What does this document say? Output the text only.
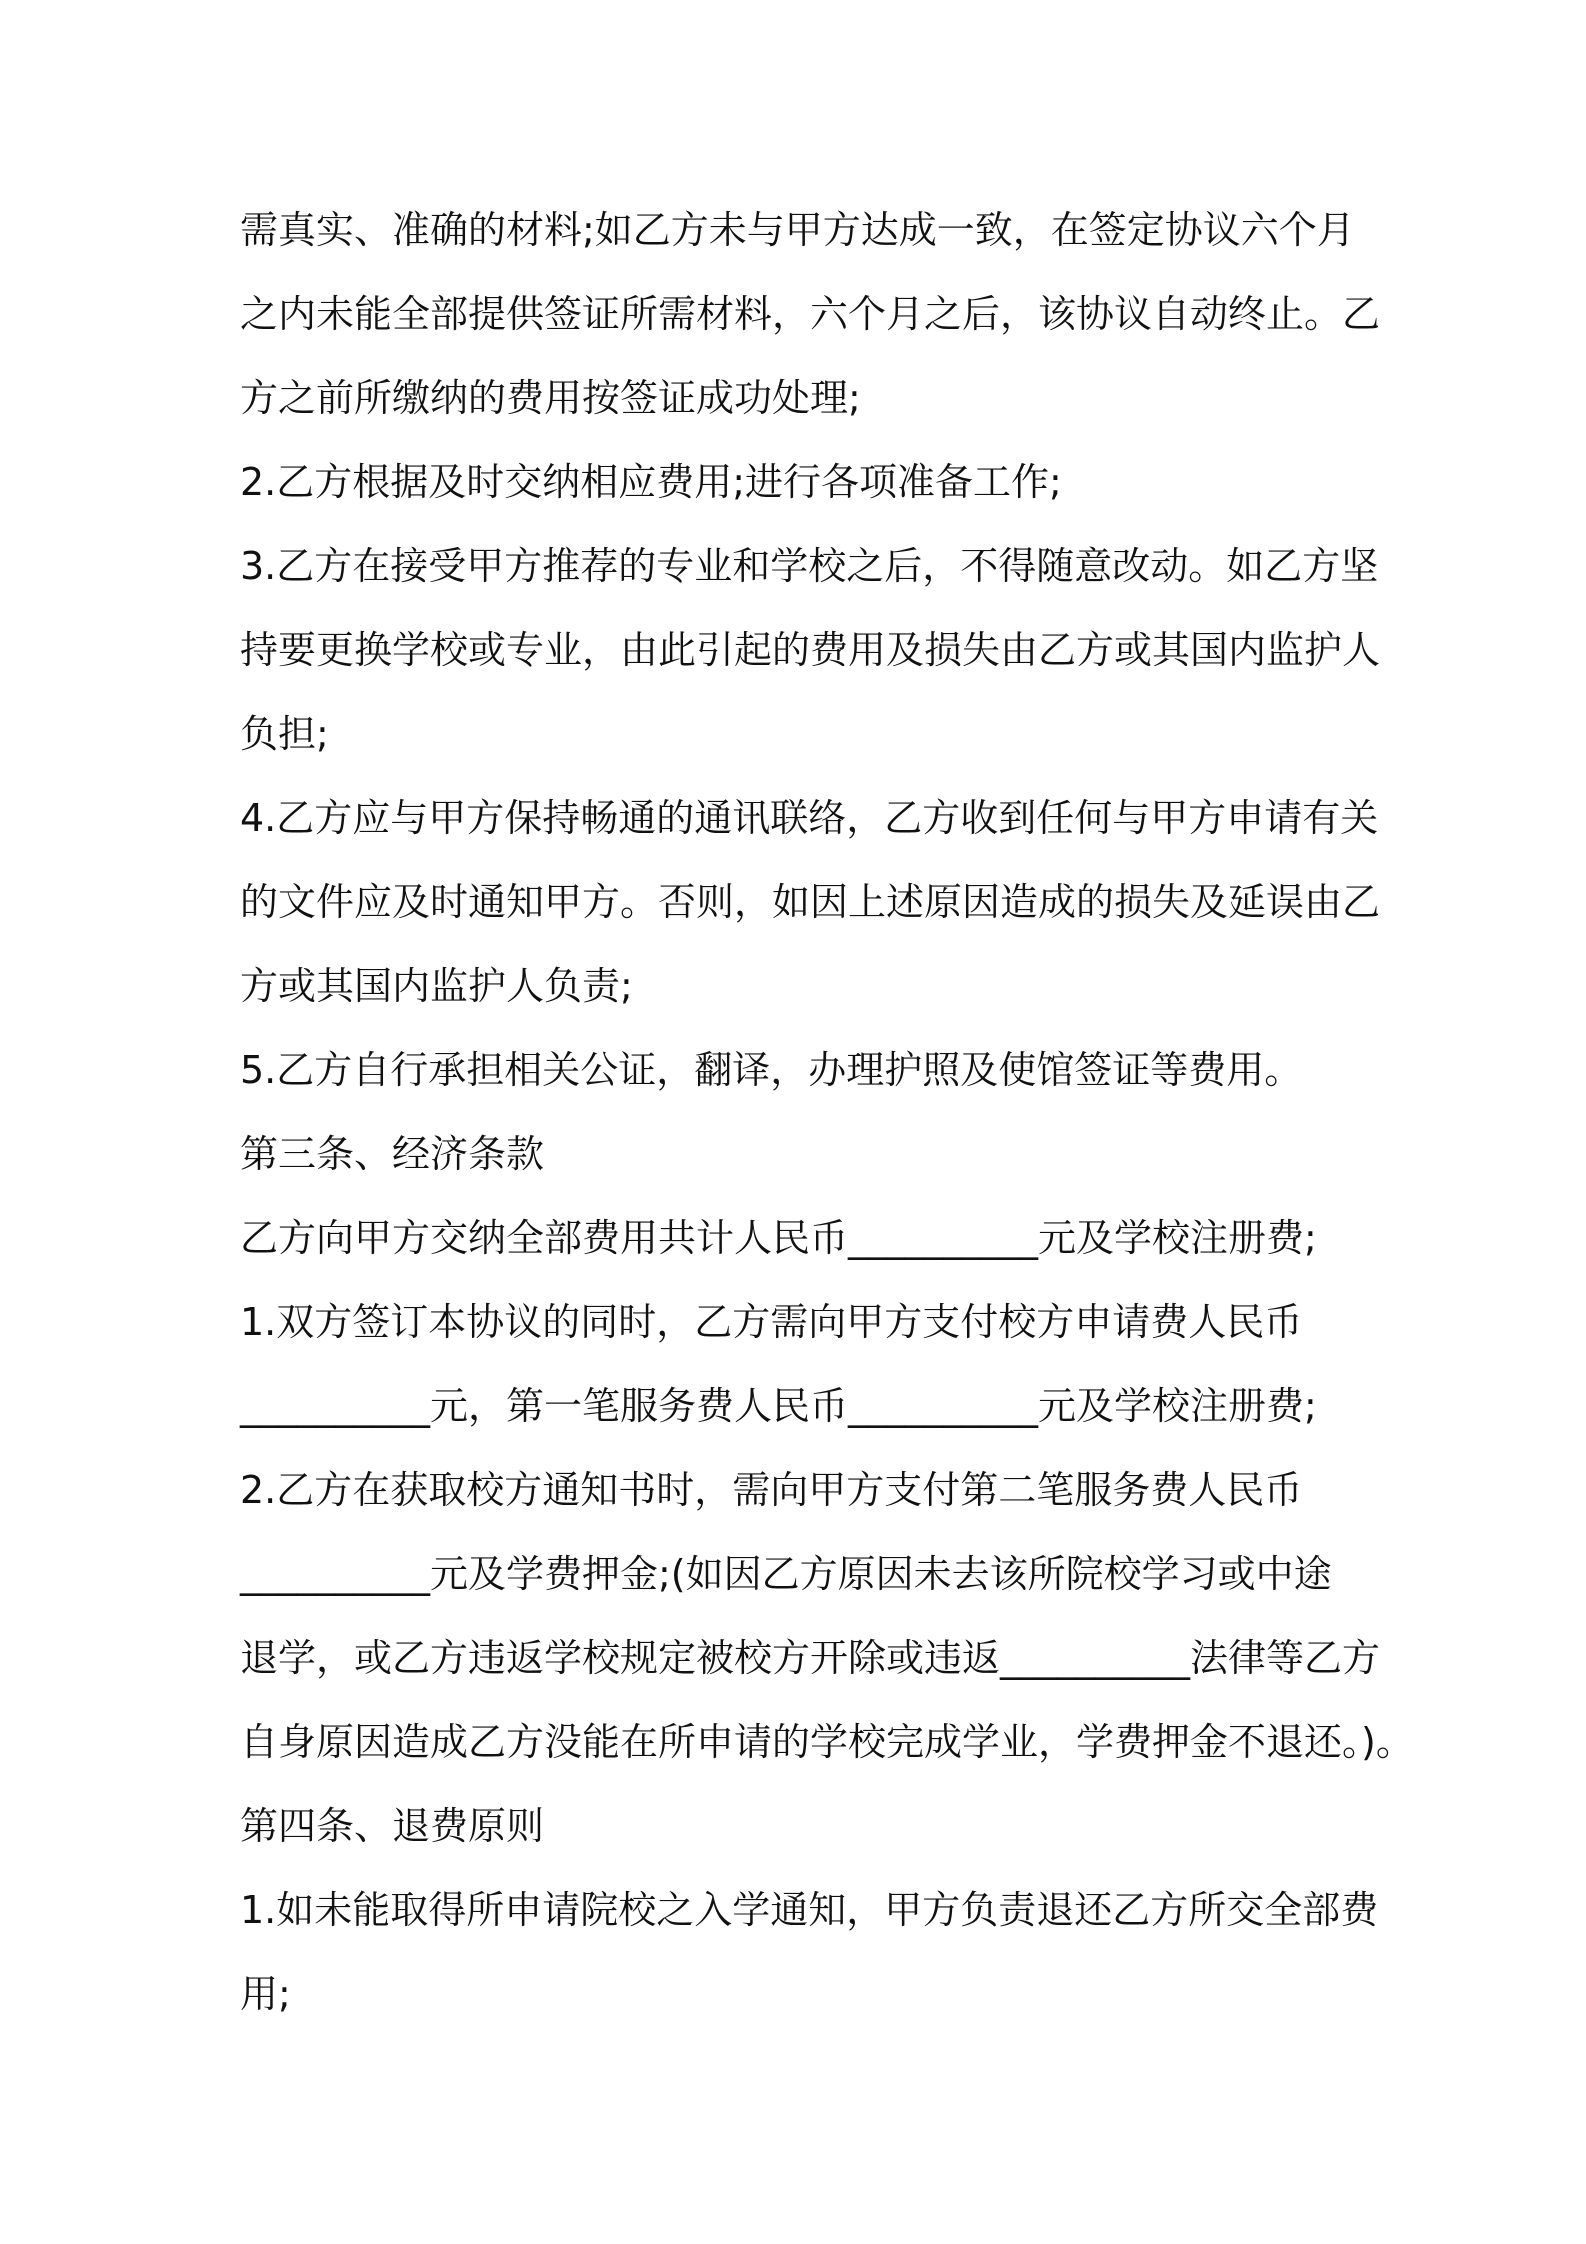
需真实、准确的材料;如乙方未与甲方达成一致，在签定协议六个月
之内未能全部提供签证所需材料，六个月之后，该协议自动终止。乙
方之前所缴纳的费用按签证成功处理;
2.乙方根据及时交纳相应费用;进行各项准备工作;
3.乙方在接受甲方推荐的专业和学校之后，不得随意改动。如乙方坚
持要更换学校或专业，由此引起的费用及损失由乙方或其国内监护人
负担;
4.乙方应与甲方保持畅通的通讯联络，乙方收到任何与甲方申请有关
的文件应及时通知甲方。否则，如因上述原因造成的损失及延误由乙
方或其国内监护人负责;
5.乙方自行承担相关公证，翻译，办理护照及使馆签证等费用。
第三条、经济条款
乙方向甲方交纳全部费用共计人民币__________元及学校注册费;
1.双方签订本协议的同时，乙方需向甲方支付校方申请费人民币
__________元，第一笔服务费人民币__________元及学校注册费;
2.乙方在获取校方通知书时，需向甲方支付第二笔服务费人民币
__________元及学费押金;(如因乙方原因未去该所院校学习或中途
退学，或乙方违返学校规定被校方开除或违返__________法律等乙方
自身原因造成乙方没能在所申请的学校完成学业，学费押金不退还。)。
第四条、退费原则
1.如未能取得所申请院校之入学通知，甲方负责退还乙方所交全部费
用;
